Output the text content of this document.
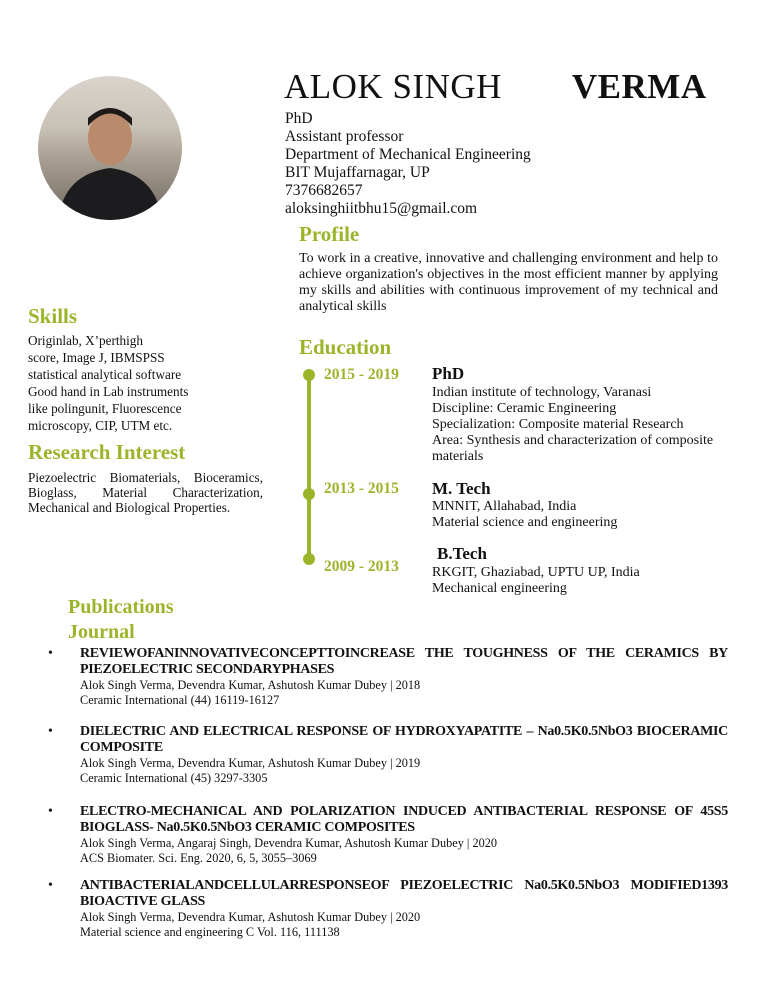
ALOK SINGH VERMA
PhD
Assistant professor
Department of Mechanical Engineering
BIT Mujaffarnagar, UP
7376682657
aloksinghiitbhu15@gmail.com
Profile
To work in a creative, innovative and challenging environment and help to achieve organization's objectives in the most efficient manner by applying my skills and abilities with continuous improvement of my technical and analytical skills
Skills
Originlab, X’perthigh
score, Image J, IBMSPSS
statistical analytical software
Good hand in Lab instruments
like polingunit, Fluorescence
microscopy, CIP, UTM etc.
Research Interest
Piezoelectric Biomaterials, Bioceramics, Bioglass, Material Characterization, Mechanical and Biological Properties.
Education
2015 - 2019 PhD
Indian institute of technology, Varanasi
Discipline: Ceramic Engineering
Specialization: Composite material Research
Area: Synthesis and characterization of composite materials
2013 - 2015 M. Tech
MNNIT, Allahabad, India
Material science and engineering
2009 - 2013
B.Tech
RKGIT, Ghaziabad, UPTU UP, India
Mechanical engineering
Publications
Journal
• REVIEWOFANINNOVATIVECONCEPTTOINCREASE THE TOUGHNESS OF THE CERAMICS BY PIEZOELECTRIC SECONDARYPHASES
Alok Singh Verma, Devendra Kumar, Ashutosh Kumar Dubey | 2018
Ceramic International (44) 16119-16127
• DIELECTRIC AND ELECTRICAL RESPONSE OF HYDROXYAPATITE – Na0.5K0.5NbO3 BIOCERAMIC COMPOSITE
Alok Singh Verma, Devendra Kumar, Ashutosh Kumar Dubey | 2019
Ceramic International (45) 3297-3305
• ELECTRO-MECHANICAL AND POLARIZATION INDUCED ANTIBACTERIAL RESPONSE OF 45S5 BIOGLASS- Na0.5K0.5NbO3 CERAMIC COMPOSITES
Alok Singh Verma, Angaraj Singh, Devendra Kumar, Ashutosh Kumar Dubey | 2020
ACS Biomater. Sci. Eng. 2020, 6, 5, 3055–3069
• ANTIBACTERIALANDCELLULARRESPONSEOF PIEZOELECTRIC Na0.5K0.5NbO3 MODIFIED1393 BIOACTIVE GLASS
Alok Singh Verma, Devendra Kumar, Ashutosh Kumar Dubey | 2020
Material science and engineering C Vol. 116, 111138
